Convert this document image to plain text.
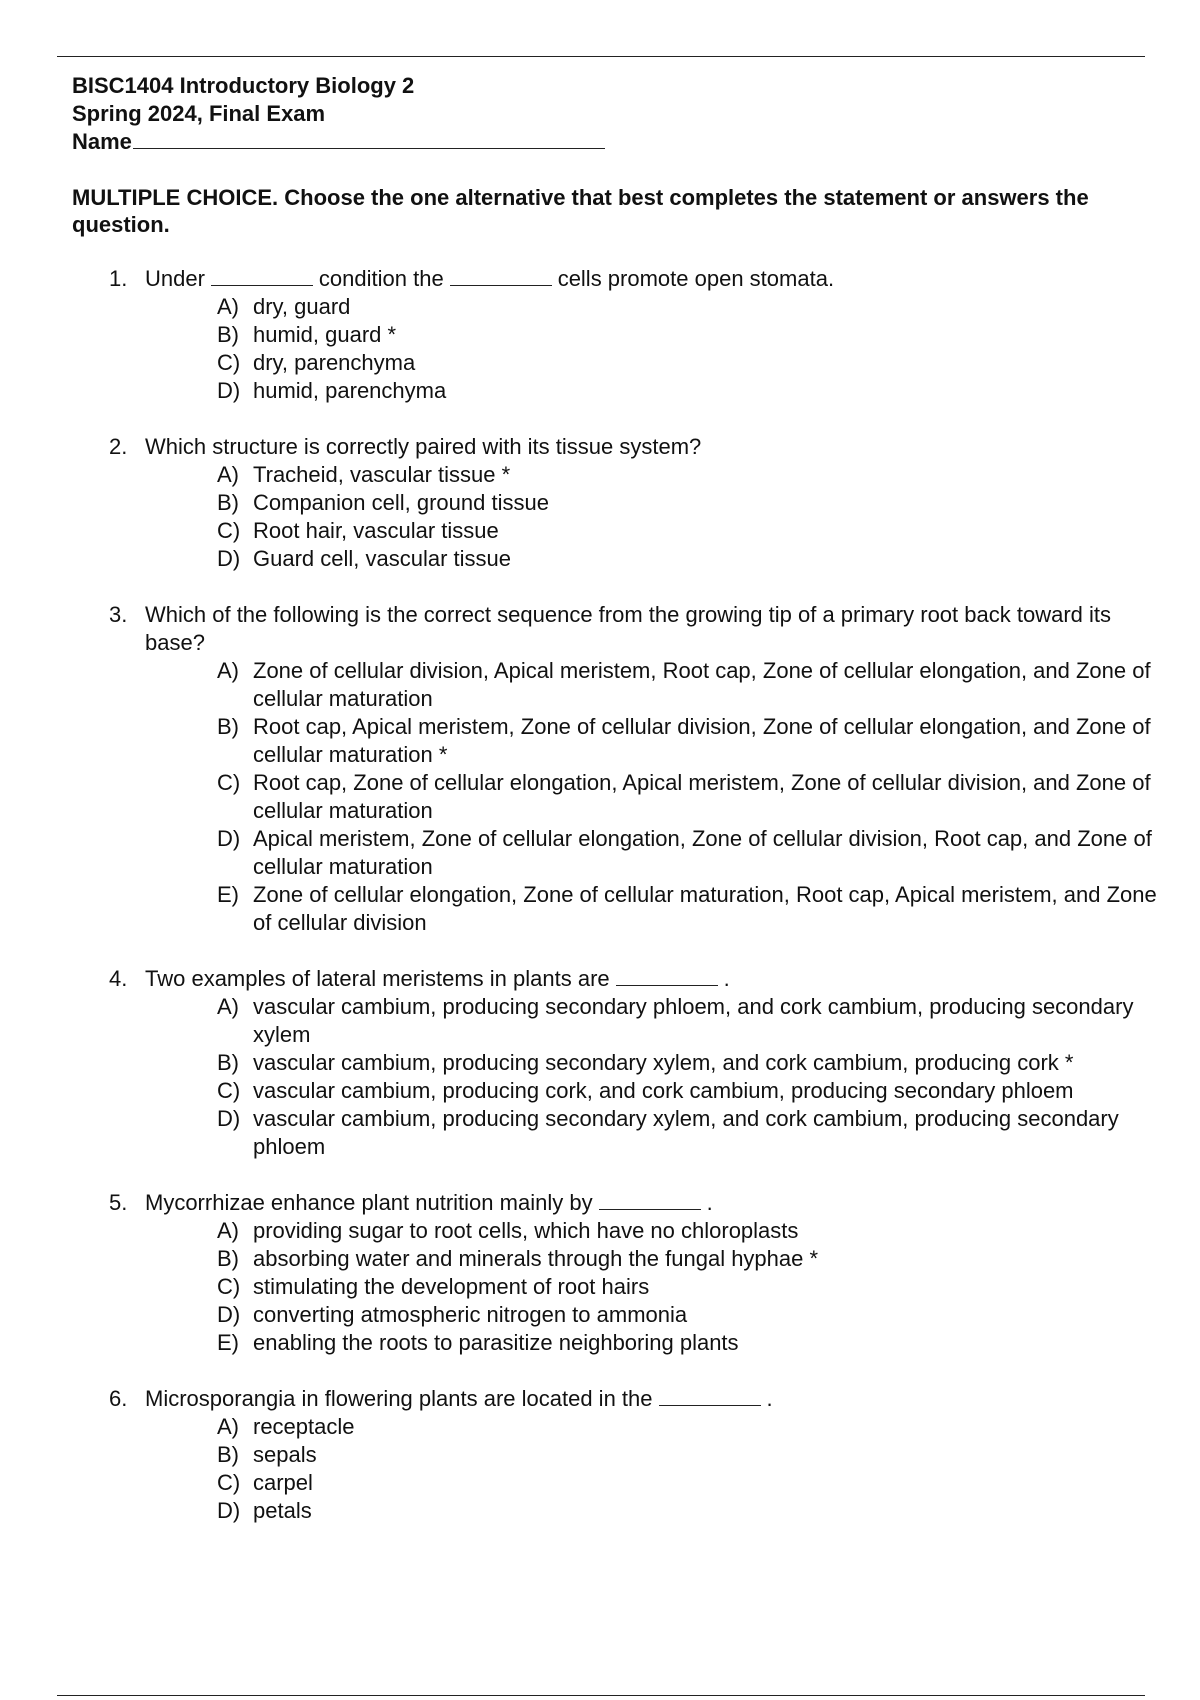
BISC1404 Introductory Biology 2
Spring 2024, Final Exam
Name
MULTIPLE CHOICE. Choose the one alternative that best completes the statement or answers the question.
1. Under	condition the	cells promote open stomata.
A) dry, guard
B) humid, guard *
C) dry, parenchyma
D) humid, parenchyma
2. Which structure is correctly paired with its tissue system?
A) Tracheid, vascular tissue *
B) Companion cell, ground tissue
C) Root hair, vascular tissue
D) Guard cell, vascular tissue
3. Which of the following is the correct sequence from the growing tip of a primary root back toward its base?
A) Zone of cellular division, Apical meristem, Root cap, Zone of cellular elongation, and Zone of cellular maturation
B) Root cap, Apical meristem, Zone of cellular division, Zone of cellular elongation, and Zone of cellular maturation *
C) Root cap, Zone of cellular elongation, Apical meristem, Zone of cellular division, and Zone of cellular maturation
D) Apical meristem, Zone of cellular elongation, Zone of cellular division, Root cap, and Zone of cellular maturation
E) Zone of cellular elongation, Zone of cellular maturation, Root cap, Apical meristem, and Zone of cellular division
4. Two examples of lateral meristems in plants are	.
A) vascular cambium, producing secondary phloem, and cork cambium, producing secondary xylem
B) vascular cambium, producing secondary xylem, and cork cambium, producing cork *
C) vascular cambium, producing cork, and cork cambium, producing secondary phloem
D) vascular cambium, producing secondary xylem, and cork cambium, producing secondary phloem
5. Mycorrhizae enhance plant nutrition mainly by	.
A) providing sugar to root cells, which have no chloroplasts
B) absorbing water and minerals through the fungal hyphae *
C) stimulating the development of root hairs
D) converting atmospheric nitrogen to ammonia
E) enabling the roots to parasitize neighboring plants
6. Microsporangia in flowering plants are located in the	.
A) receptacle
B) sepals
C) carpel
D) petals
